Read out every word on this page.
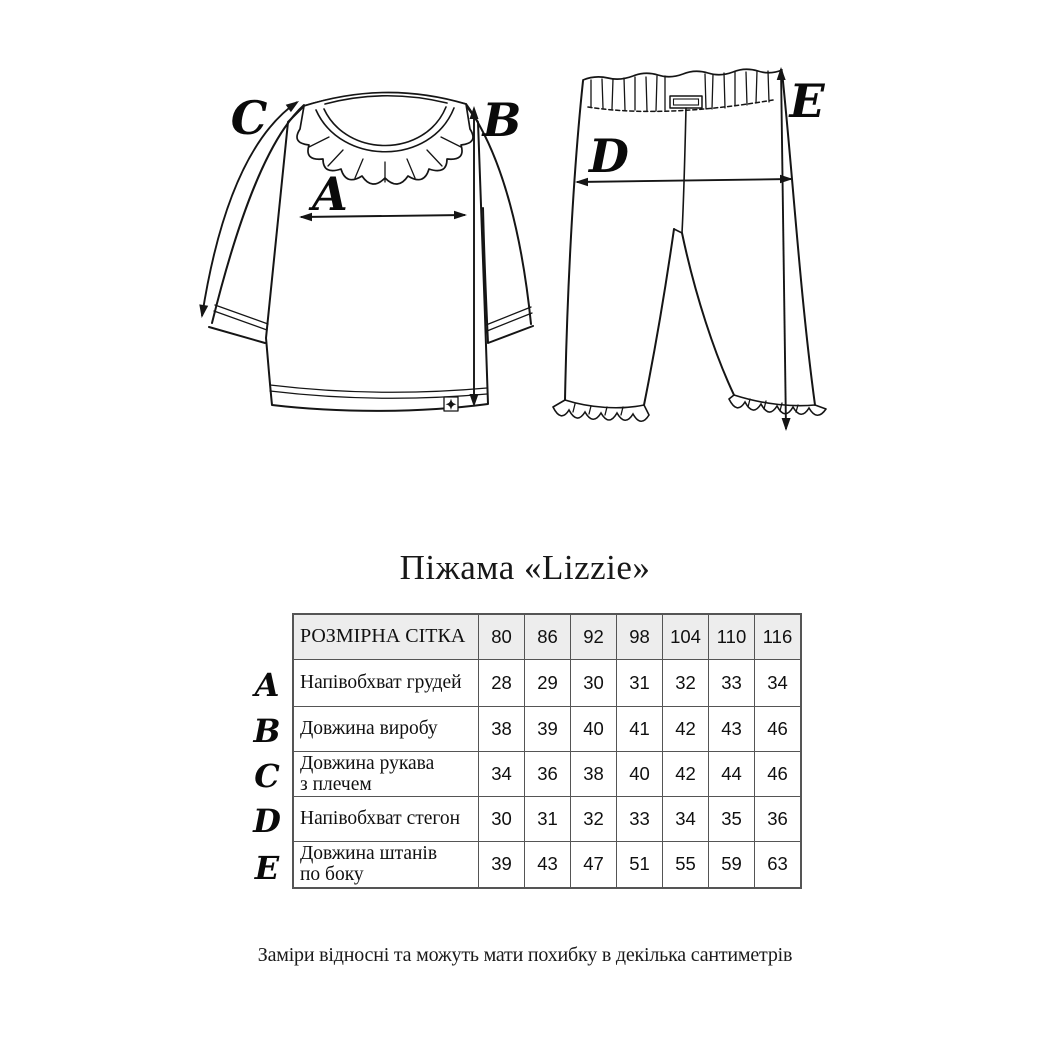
A
B
C
D
E
Піжама «Lizzie»
A
B
C
D
E
РОЗМІРНА СІТКА	80	86	92	98	104	110	116
Напівобхват грудей	28	29	30	31	32	33	34
Довжина виробу	38	39	40	41	42	43	46
Довжина рукава
з плечем	34	36	38	40	42	44	46
Напівобхват стегон	30	31	32	33	34	35	36
Довжина штанів
по боку	39	43	47	51	55	59	63
Заміри відносні та можуть мати похибку в декілька сантиметрів
